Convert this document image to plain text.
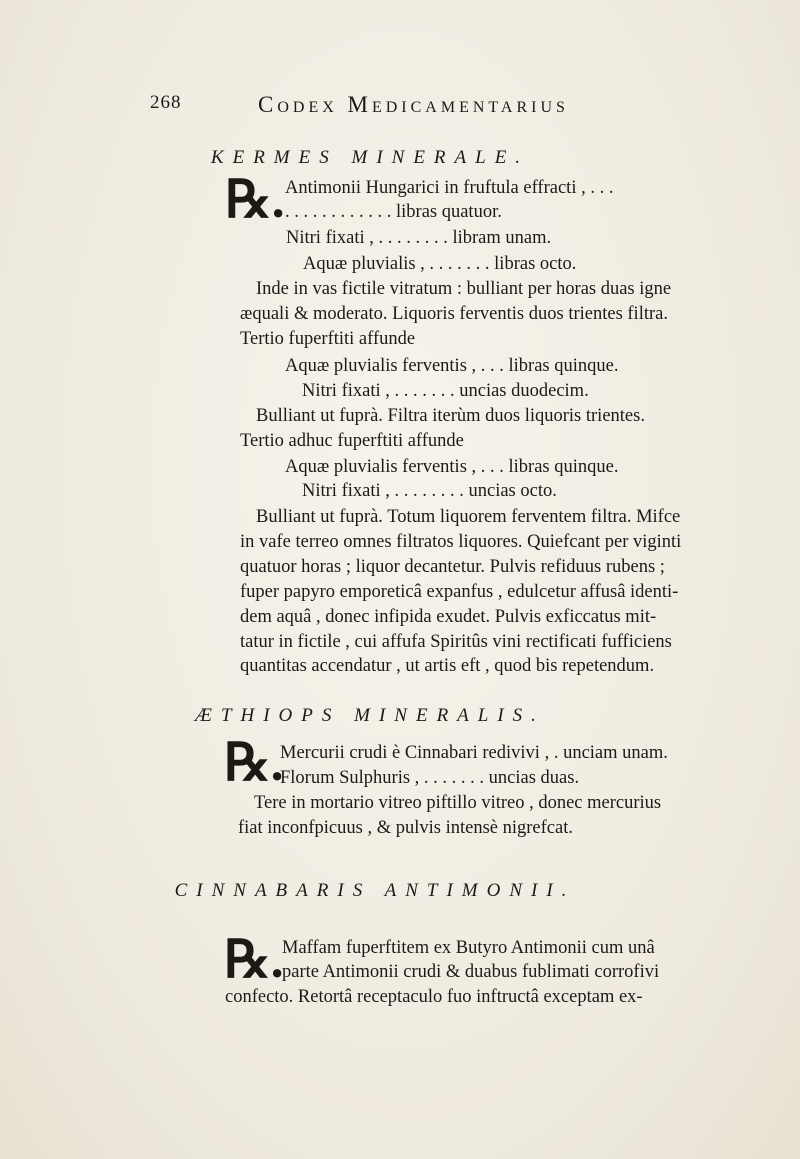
268	Codex Medicamentarius
KERMES MINERALE.
℞. Antimonii Hungarici in fruftula effracti , . . .
. . . . . . . . . . . . libras quatuor.
Nitri fixati , . . . . . . . . libram unam.
Aquæ pluvialis , . . . . . . . libras octo.
Inde in vas fictile vitratum : bulliant per horas duas igne
æquali & moderato. Liquoris ferventis duos trientes filtra.
Tertio fuperftiti affunde
Aquæ pluvialis ferventis , . . . libras quinque.
Nitri fixati , . . . . . . . uncias duodecim.
Bulliant ut fuprà. Filtra iterùm duos liquoris trientes.
Tertio adhuc fuperftiti affunde
Aquæ pluvialis ferventis , . . . libras quinque.
Nitri fixati , . . . . . . . . uncias octo.
Bulliant ut fuprà. Totum liquorem ferventem filtra. Mifce
in vafe terreo omnes filtratos liquores. Quiefcant per viginti
quatuor horas ; liquor decantetur. Pulvis refiduus rubens ;
fuper papyro emporeticâ expanfus , edulcetur affusâ identi-
dem aquâ , donec infipida exudet. Pulvis exficcatus mit-
tatur in fictile , cui affufa Spiritûs vini rectificati fufficiens
ÆTHIOPS MINERALIS.
℞.
Mercurii crudi è Cinnabari redivivi , . unciam unam.
Florum Sulphuris , . . . . . . . uncias duas.
Tere in mortario vitreo piftillo vitreo , donec mercurius
fiat inconfpicuus , & pulvis intensè nigrefcat.
CINNABARIS ANTIMONII.
℞.
Maffam fuperftitem ex Butyro Antimonii cum unâ
parte Antimonii crudi & duabus fublimati corrofivi
confecto. Retortâ receptaculo fuo inftructâ exceptam ex-
quantitas accendatur , ut artis eft , quod bis repetendum.
